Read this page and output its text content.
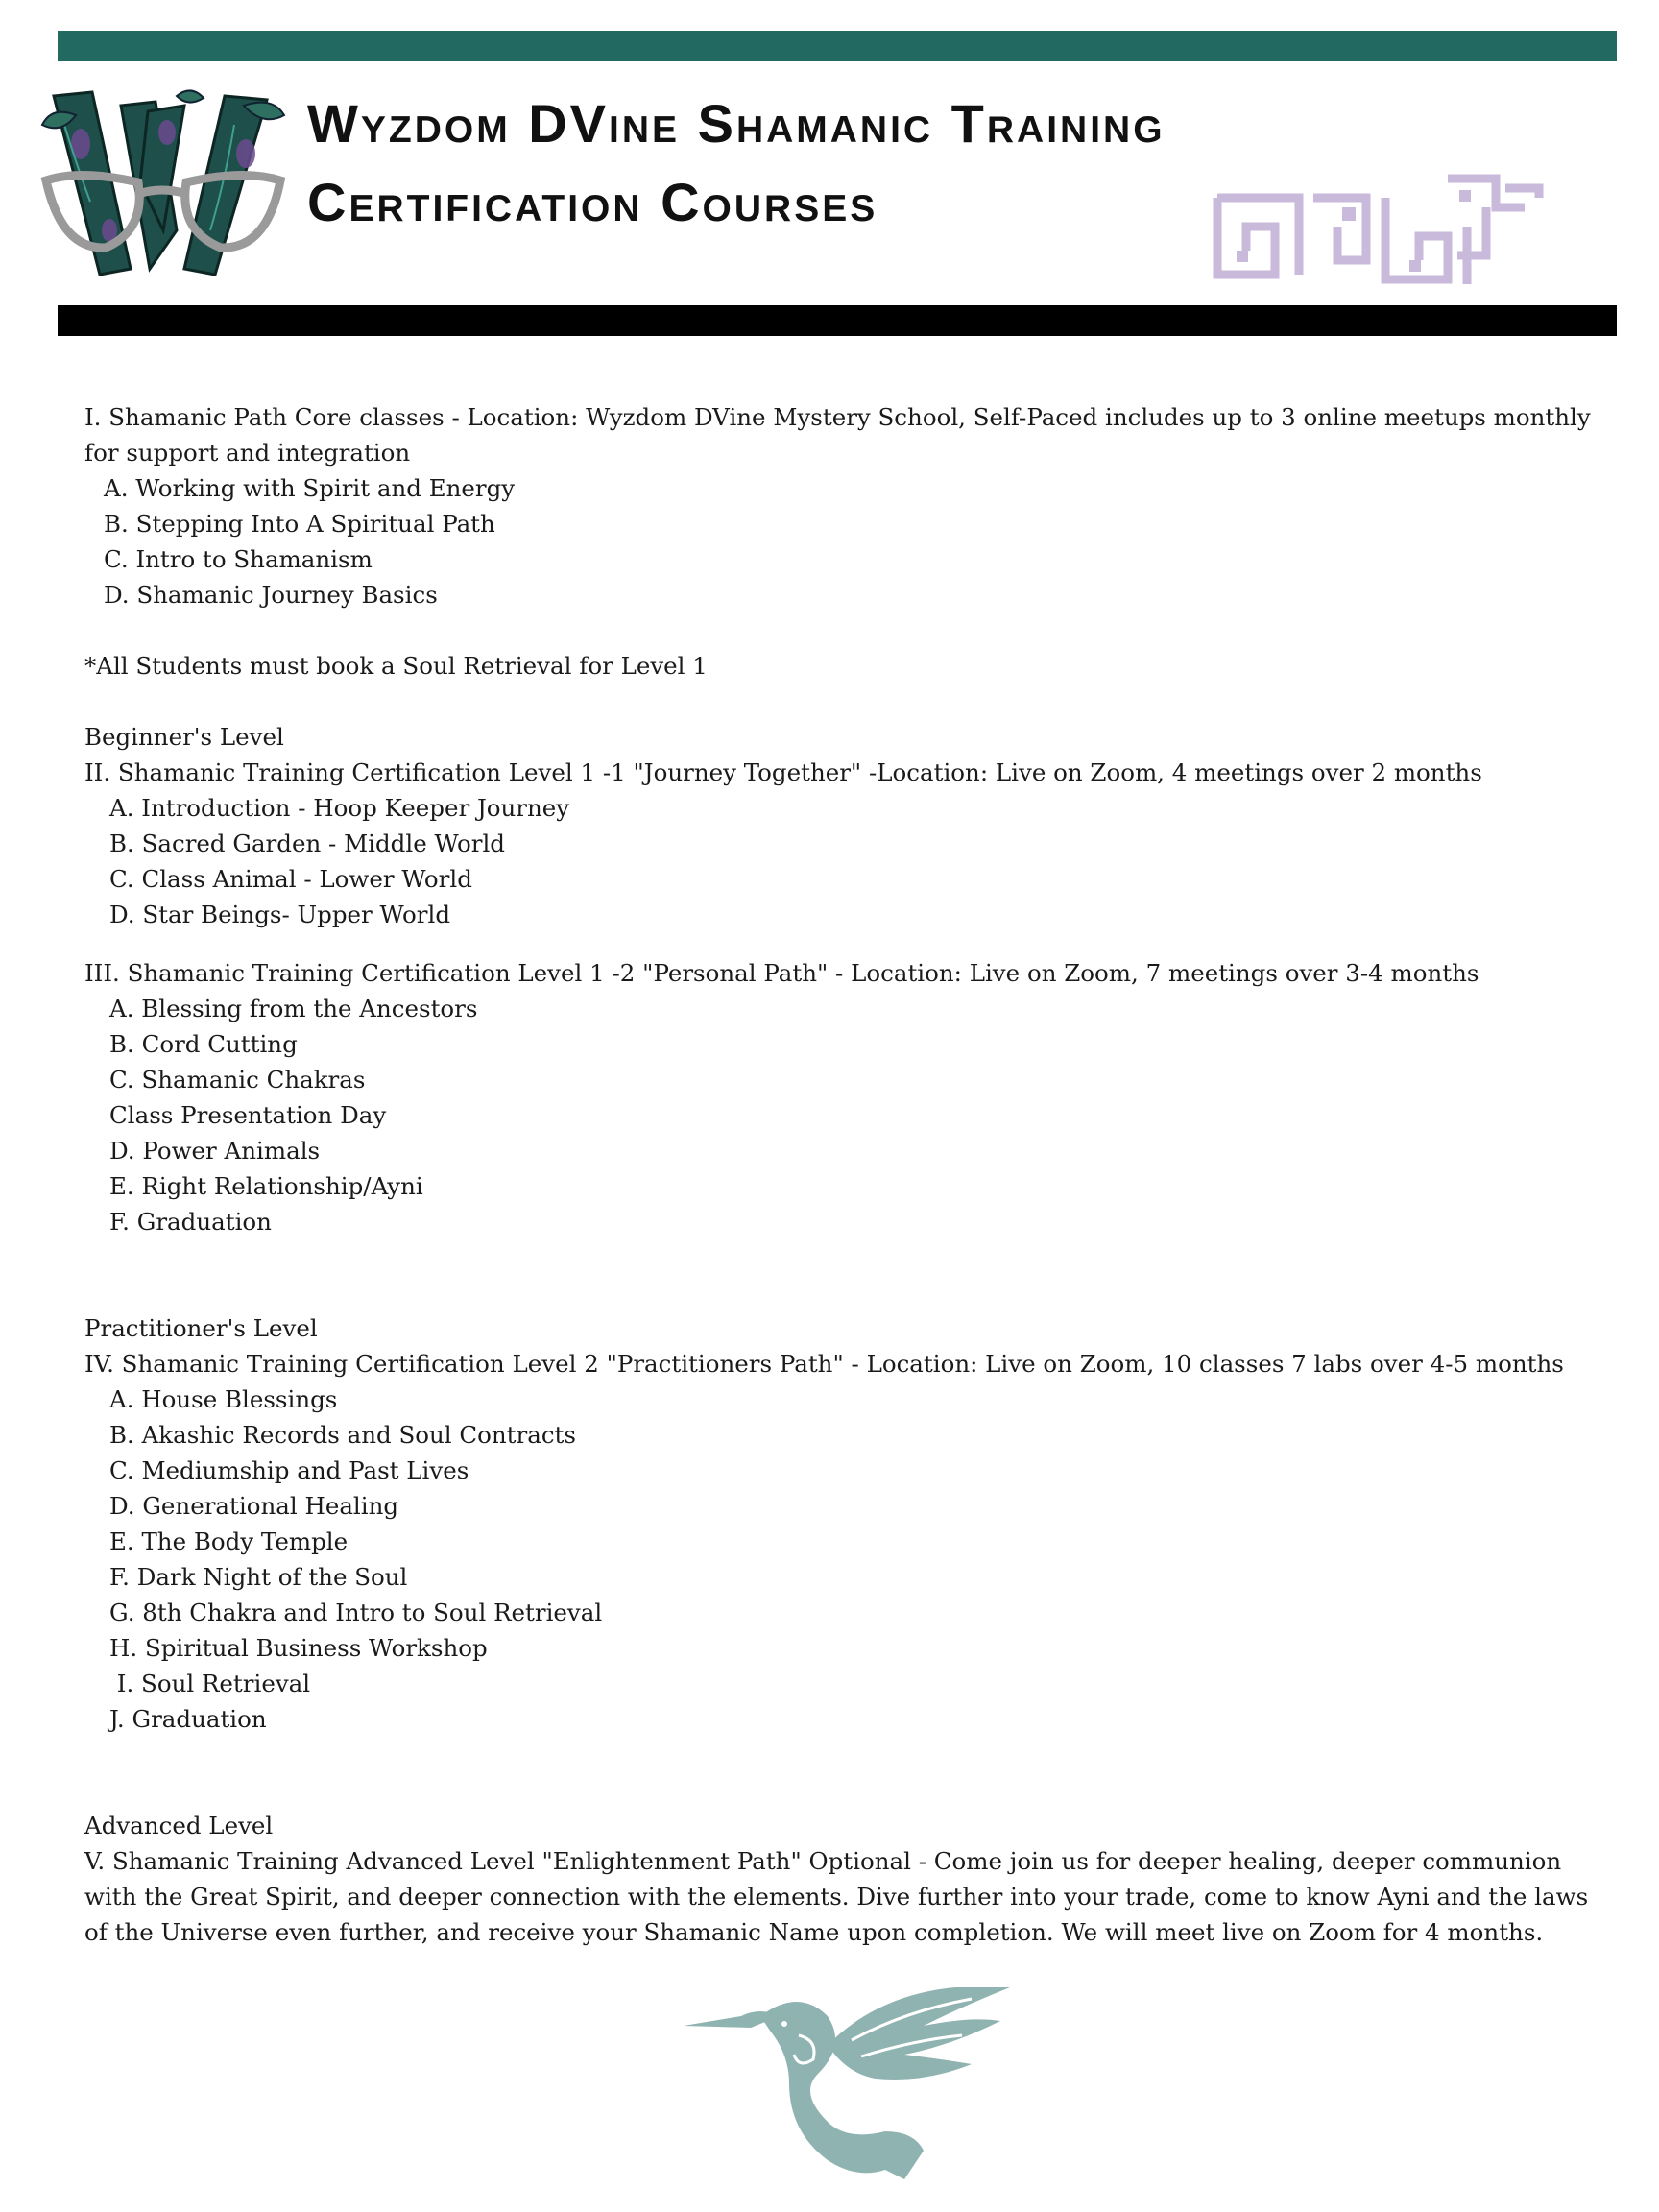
Wyzdom DVine Shamanic Training
Certification Courses
I. Shamanic Path Core classes - Location: Wyzdom DVine Mystery School, Self-Paced includes up to 3 online meetups monthly for support and integration
A. Working with Spirit and Energy
B. Stepping Into A Spiritual Path
C. Intro to Shamanism
D. Shamanic Journey Basics
*All Students must book a Soul Retrieval for Level 1
Beginner's Level
II. Shamanic Training Certification Level 1 -1 "Journey Together" -Location: Live on Zoom, 4 meetings over 2 months
A. Introduction - Hoop Keeper Journey
B. Sacred Garden - Middle World
C. Class Animal - Lower World
D. Star Beings- Upper World
III. Shamanic Training Certification Level 1 -2 "Personal Path" - Location: Live on Zoom, 7 meetings over 3-4 months
A. Blessing from the Ancestors
B. Cord Cutting
C. Shamanic Chakras
Class Presentation Day
D. Power Animals
E. Right Relationship/Ayni
F. Graduation
Practitioner's Level
IV. Shamanic Training Certification Level 2 "Practitioners Path" - Location: Live on Zoom, 10 classes 7 labs over 4-5 months
A. House Blessings
B. Akashic Records and Soul Contracts
C. Mediumship and Past Lives
D. Generational Healing
E. The Body Temple
F. Dark Night of the Soul
G. 8th Chakra and Intro to Soul Retrieval
H. Spiritual Business Workshop
I. Soul Retrieval
J. Graduation
Advanced Level
V. Shamanic Training Advanced Level "Enlightenment Path" Optional - Come join us for deeper healing, deeper communion with the Great Spirit, and deeper connection with the elements. Dive further into your trade, come to know Ayni and the laws of the Universe even further, and receive your Shamanic Name upon completion. We will meet live on Zoom for 4 months.
